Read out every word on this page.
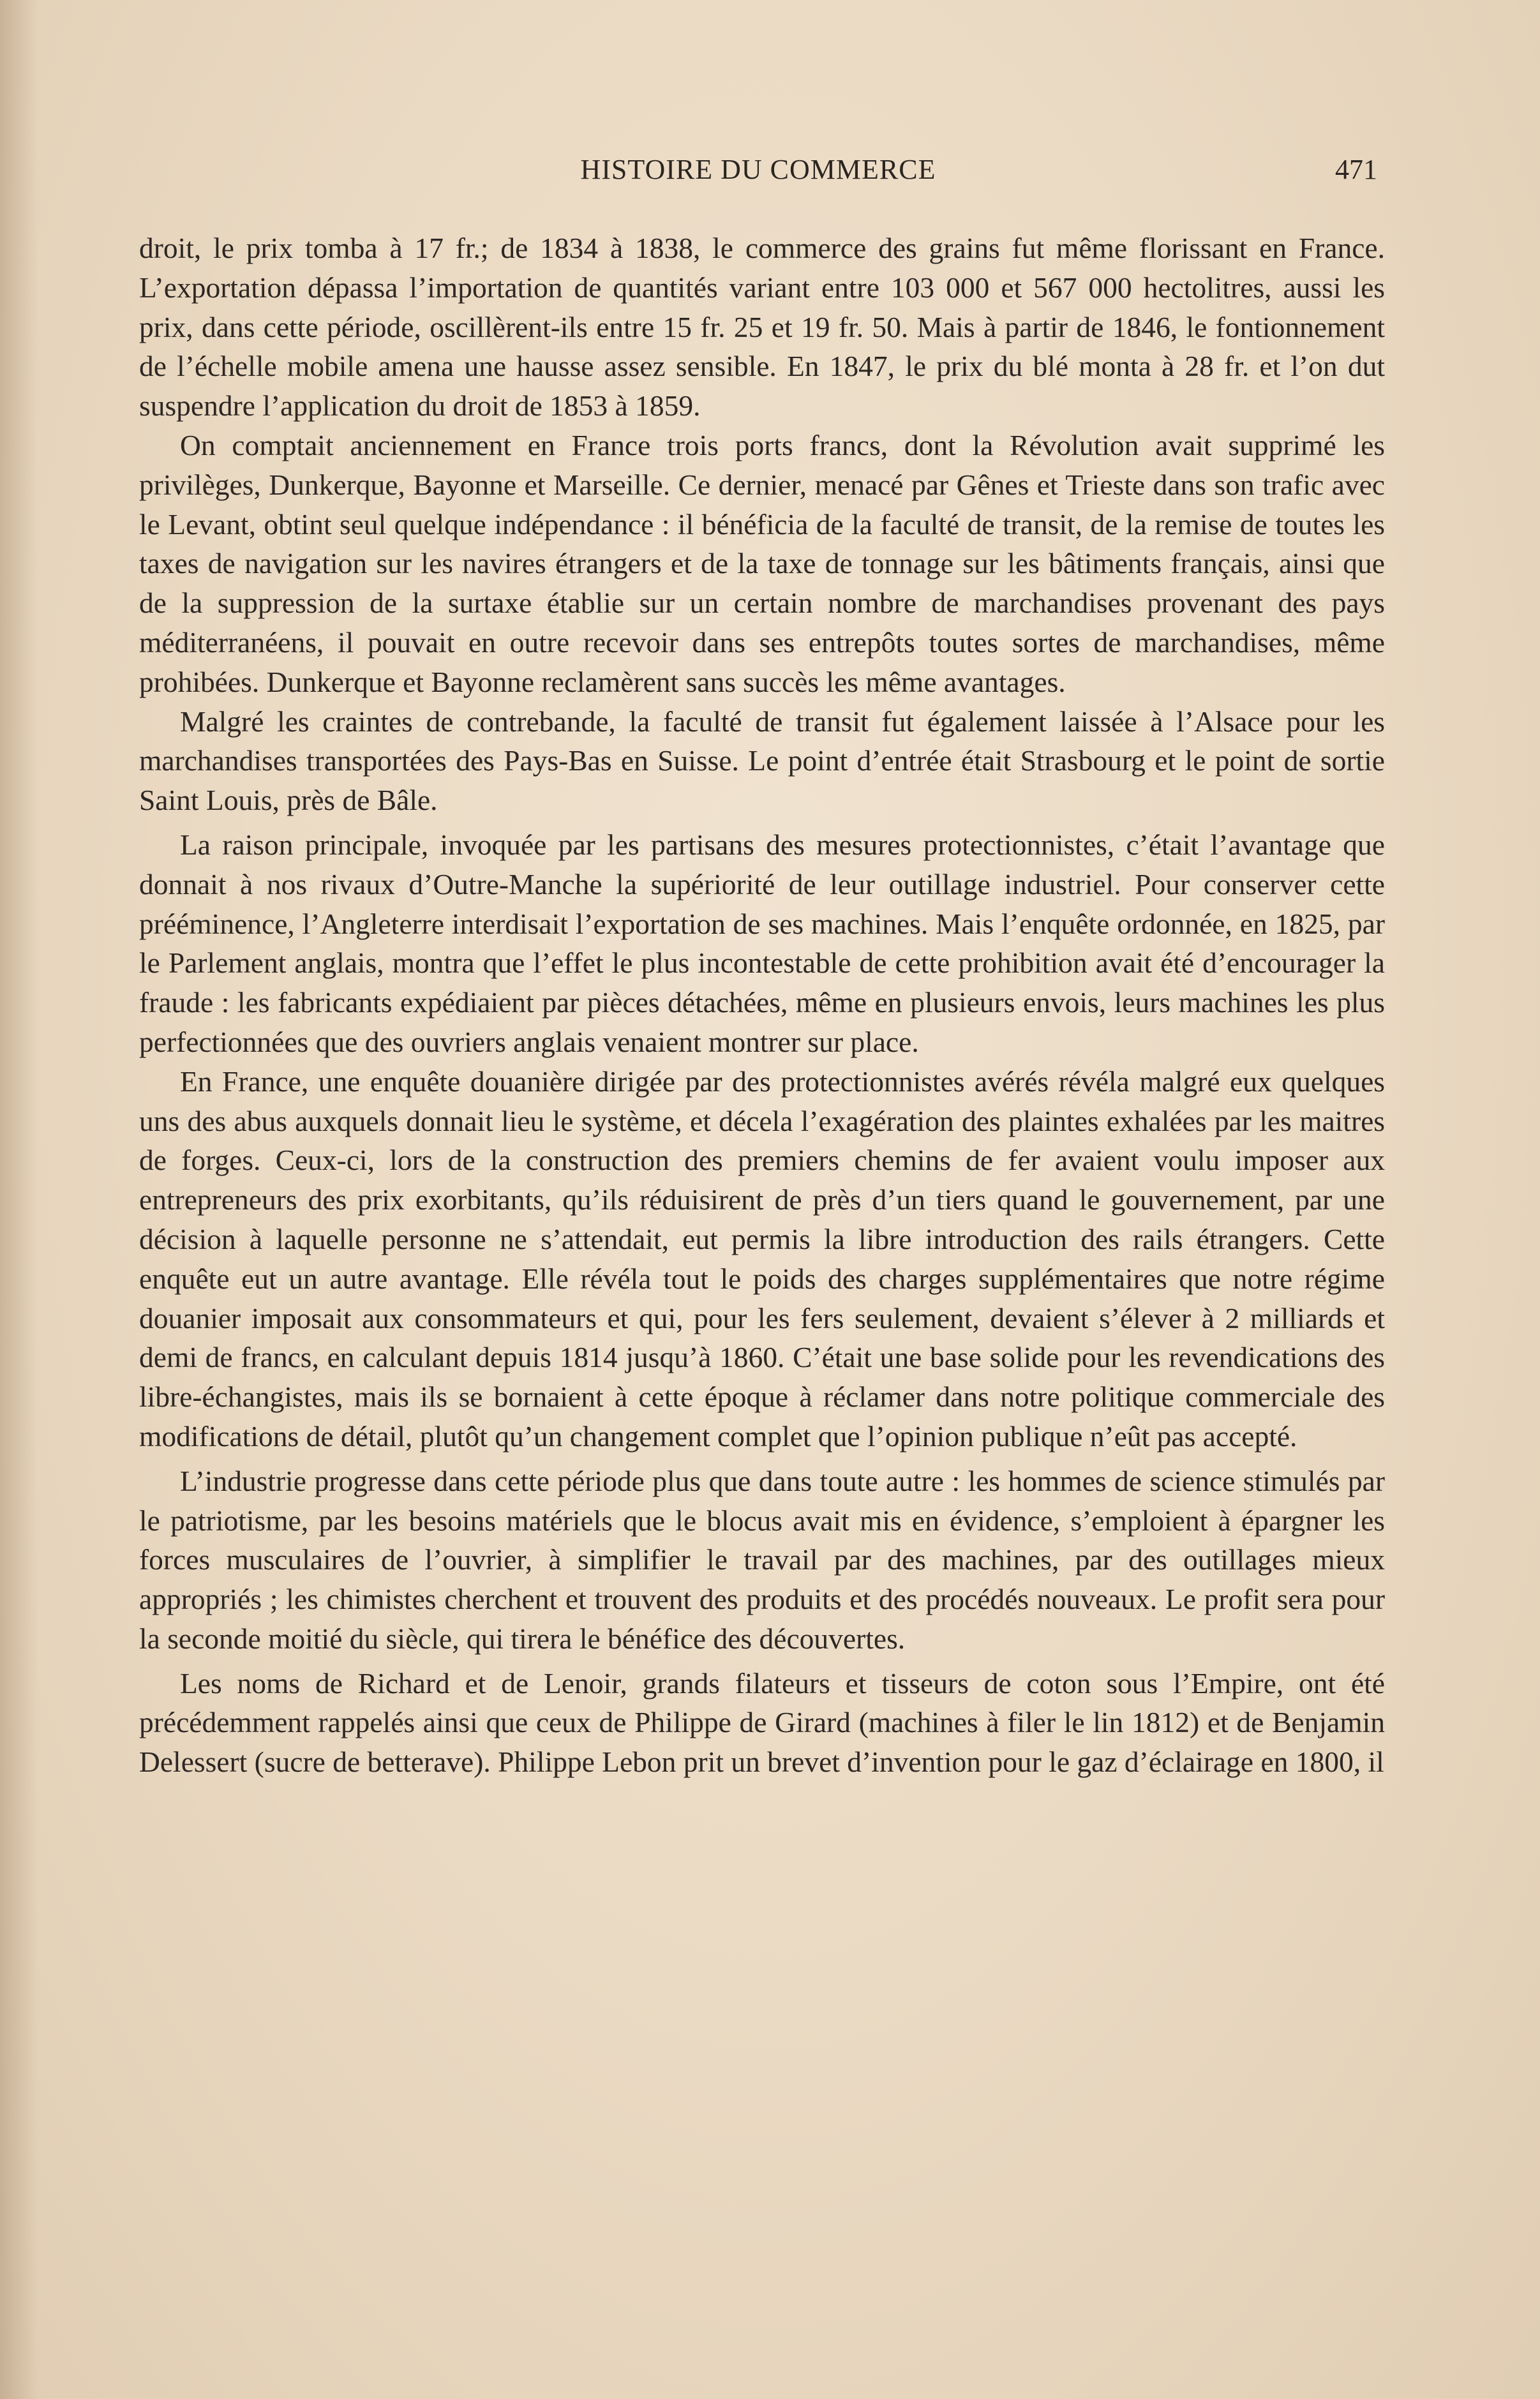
HISTOIRE DU COMMERCE	471

droit, le prix tomba à 17 fr.; de 1834 à 1838, le commerce des grains fut même florissant en France. L’exportation dépassa l’importation de quantités variant entre 103 000 et 567 000 hectolitres, aussi les prix, dans cette période, oscillèrent-ils entre 15 fr. 25 et 19 fr. 50. Mais à partir de 1846, le fontionnement de l’échelle mobile amena une hausse assez sensible. En 1847, le prix du blé monta à 28 fr. et l’on dut suspendre l’application du droit de 1853 à 1859.

On comptait anciennement en France trois ports francs, dont la Révolution avait supprimé les privilèges, Dunkerque, Bayonne et Marseille. Ce dernier, menacé par Gênes et Trieste dans son trafic avec le Levant, obtint seul quelque indépendance : il bénéficia de la faculté de transit, de la remise de toutes les taxes de navigation sur les navires étrangers et de la taxe de tonnage sur les bâtiments français, ainsi que de la suppression de la surtaxe établie sur un certain nombre de marchandises provenant des pays méditerranéens, il pouvait en outre recevoir dans ses entrepôts toutes sortes de marchandises, même prohibées. Dunkerque et Bayonne reclamèrent sans succès les même avantages.

Malgré les craintes de contrebande, la faculté de transit fut également laissée à l’Alsace pour les marchandises transportées des Pays-Bas en Suisse. Le point d’entrée était Strasbourg et le point de sortie Saint Louis, près de Bâle.

La raison principale, invoquée par les partisans des mesures protectionnistes, c’était l’avantage que donnait à nos rivaux d’Outre-Manche la supériorité de leur outillage industriel. Pour conserver cette prééminence, l’Angleterre interdisait l’exportation de ses machines. Mais l’enquête ordonnée, en 1825, par le Parlement anglais, montra que l’effet le plus incontestable de cette prohibition avait été d’encourager la fraude : les fabricants expédiaient par pièces détachées, même en plusieurs envois, leurs machines les plus perfectionnées que des ouvriers anglais venaient montrer sur place.

En France, une enquête douanière dirigée par des protectionnistes avérés révéla malgré eux quelques uns des abus auxquels donnait lieu le système, et décela l’exagération des plaintes exhalées par les maitres de forges. Ceux-ci, lors de la construction des premiers chemins de fer avaient voulu imposer aux entrepreneurs des prix exorbitants, qu’ils réduisirent de près d’un tiers quand le gouvernement, par une décision à laquelle personne ne s’attendait, eut permis la libre introduction des rails étrangers. Cette enquête eut un autre avantage. Elle révéla tout le poids des charges supplémentaires que notre régime douanier imposait aux consommateurs et qui, pour les fers seulement, devaient s’élever à 2 milliards et demi de francs, en calculant depuis 1814 jusqu’à 1860. C’était une base solide pour les revendications des libre-échangistes, mais ils se bornaient à cette époque à réclamer dans notre politique commerciale des modifications de détail, plutôt qu’un changement complet que l’opinion publique n’eût pas accepté.

L’industrie progresse dans cette période plus que dans toute autre : les hommes de science stimulés par le patriotisme, par les besoins matériels que le blocus avait mis en évidence, s’emploient à épargner les forces musculaires de l’ouvrier, à simplifier le travail par des machines, par des outillages mieux appropriés ; les chimistes cherchent et trouvent des produits et des procédés nouveaux. Le profit sera pour la seconde moitié du siècle, qui tirera le bénéfice des découvertes.

Les noms de Richard et de Lenoir, grands filateurs et tisseurs de coton sous l’Empire, ont été précédemment rappelés ainsi que ceux de Philippe de Girard (machines à filer le lin 1812) et de Benjamin Delessert (sucre de betterave). Philippe Lebon prit un brevet d’invention pour le gaz d’éclairage en 1800, il
